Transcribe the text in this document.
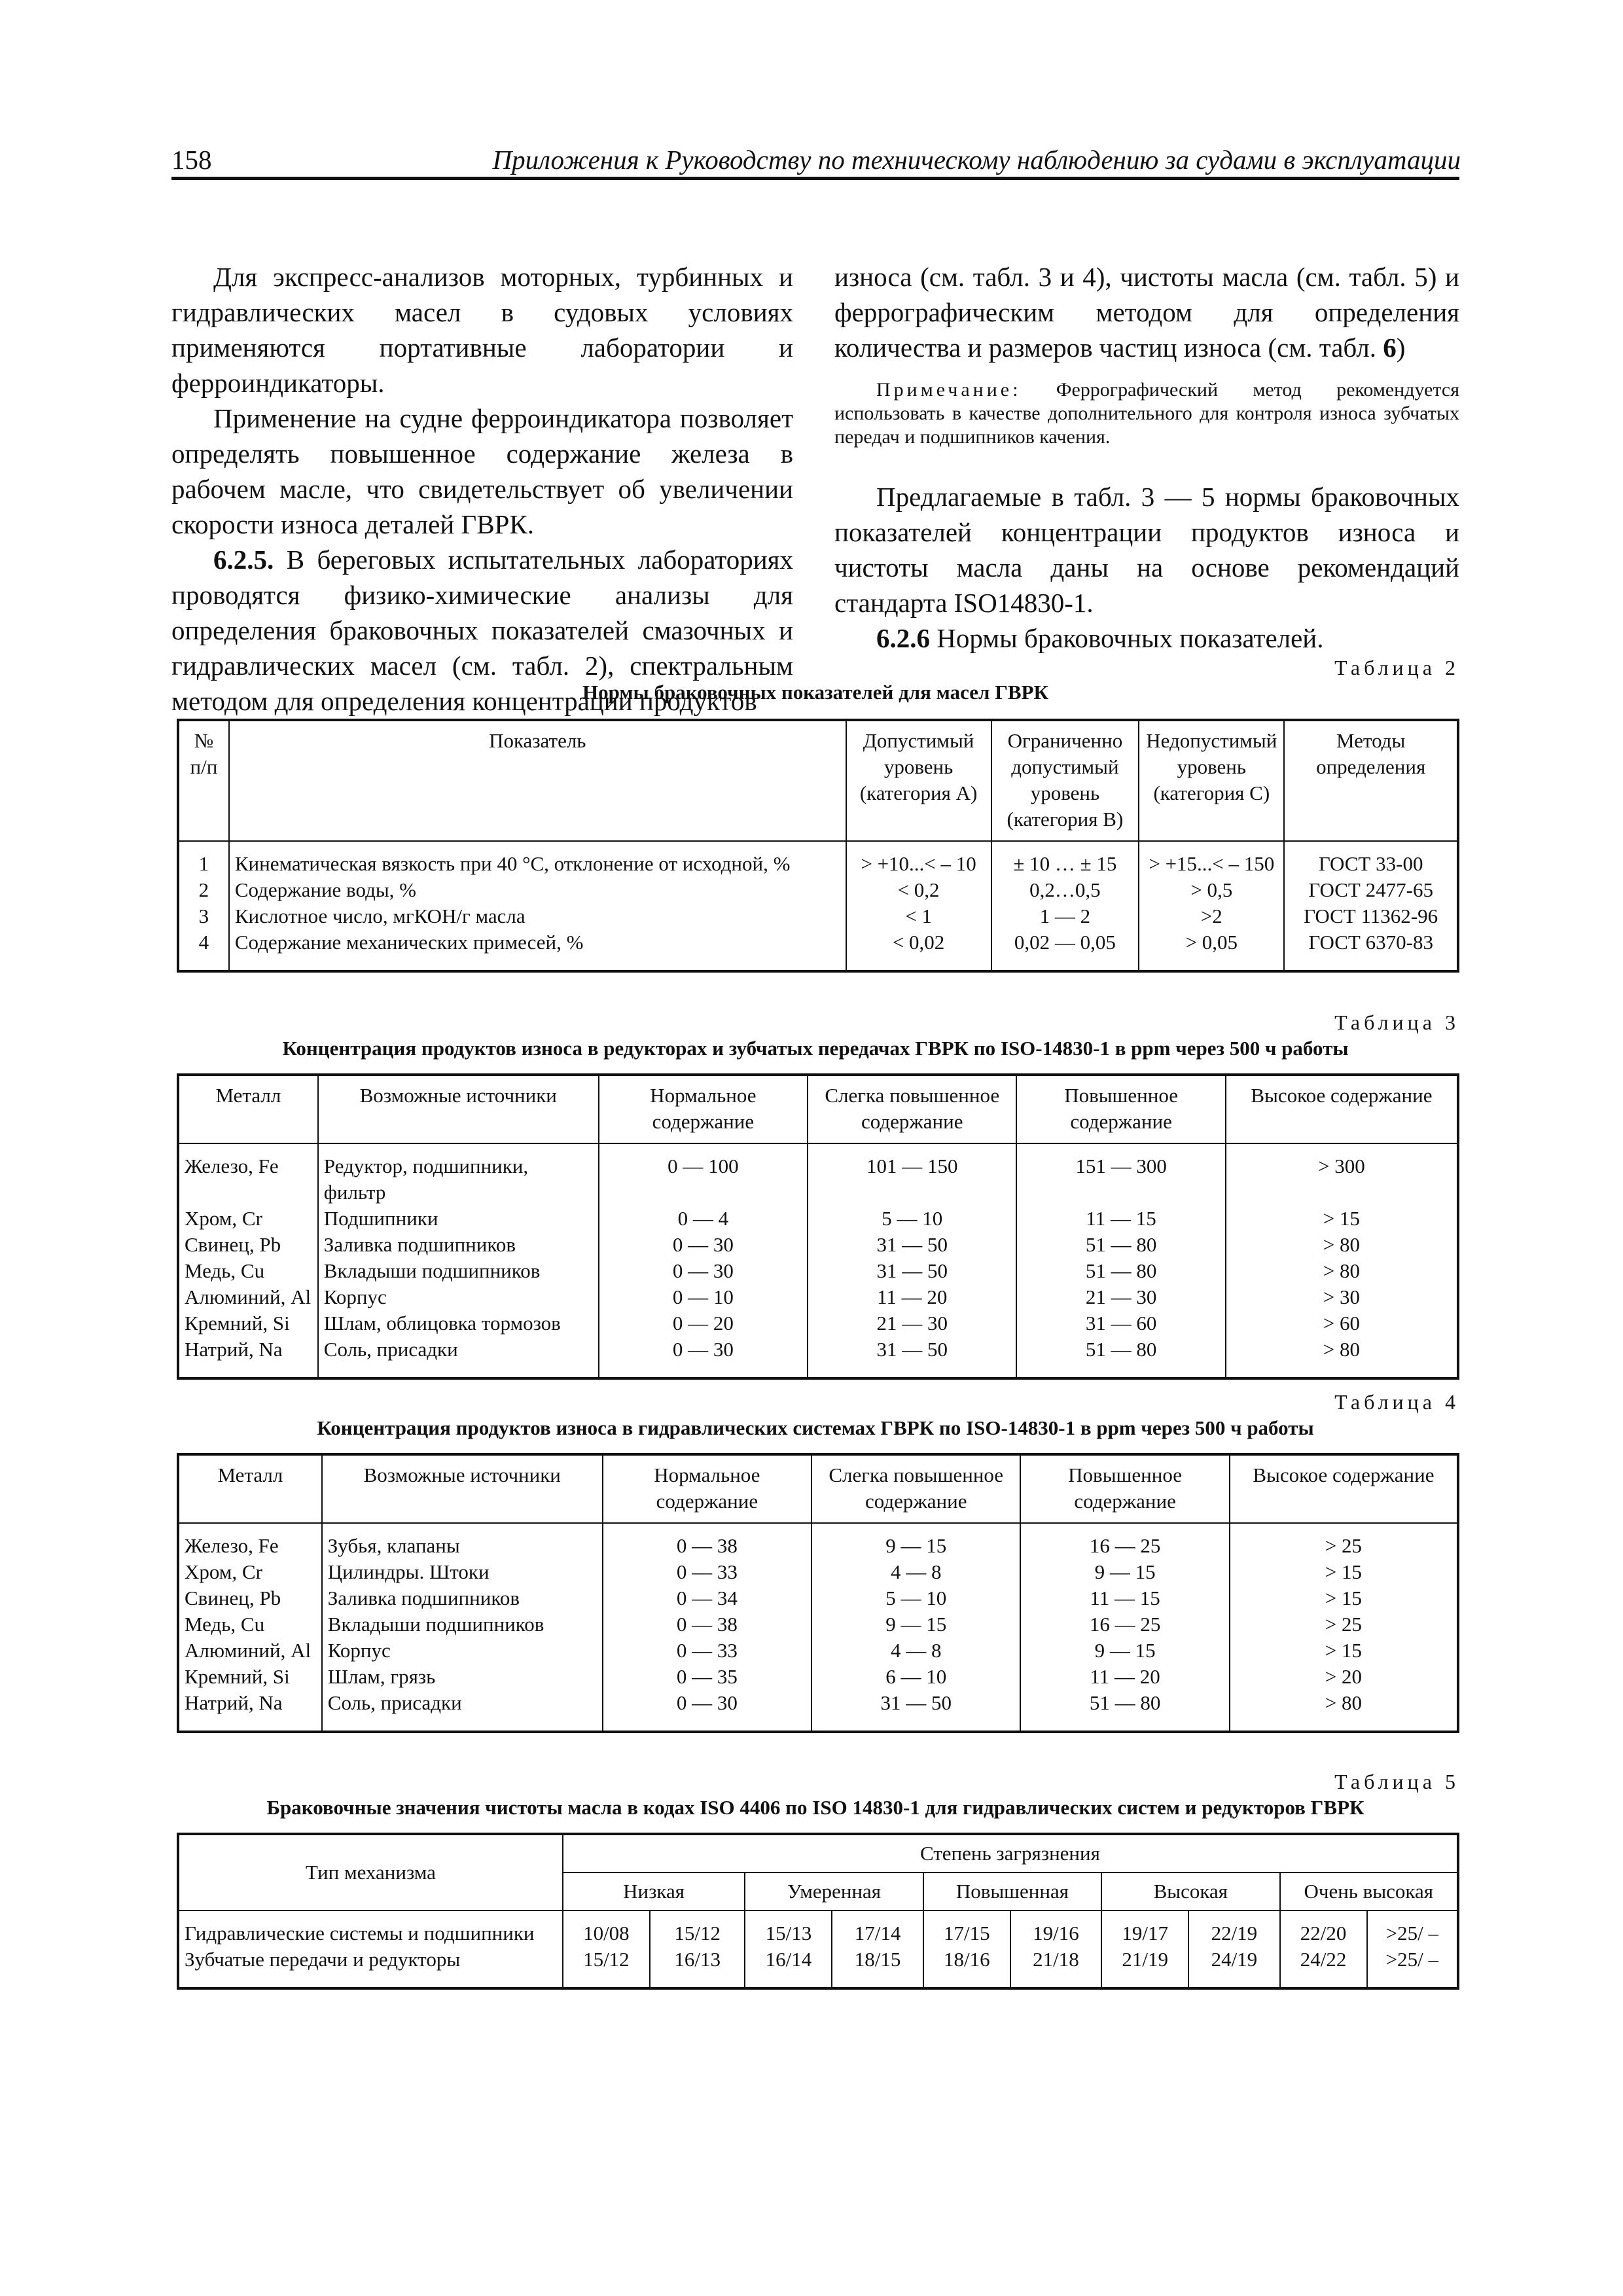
158	Приложения к Руководству по техническому наблюдению за судами в эксплуатации

Для экспресс-анализов моторных, турбинных и гидравлических масел в судовых условиях применяются портативные лаборатории и ферроиндикаторы.

Применение на судне ферроиндикатора позволяет определять повышенное содержание железа в рабочем масле, что свидетельствует об увеличении скорости износа деталей ГВРК.

6.2.5. В береговых испытательных лабораториях проводятся физико-химические анализы для определения браковочных показателей смазочных и гидравлических масел (см. табл. 2), спектральным методом для определения концентрации продуктов

износа (см. табл. 3 и 4), чистоты масла (см. табл. 5) и феррографическим методом для определения количества и размеров частиц износа (см. табл. 6)

Примечание: Феррографический метод рекомендуется использовать в качестве дополнительного для контроля износа зубчатых передач и подшипников качения.

Предлагаемые в табл. 3 — 5 нормы браковочных показателей концентрации продуктов износа и чистоты масла даны на основе рекомендаций стандарта ISO14830-1.

6.2.6 Нормы браковочных показателей.

Таблица 2
Нормы браковочных показателей для масел ГВРК
№ п/п	Показатель	Допустимый уровень (категория А)	Ограниченно допустимый уровень (категория В)	Недопустимый уровень (категория С)	Методы определения
1	Кинематическая вязкость при 40 °С, отклонение от исходной, %	> +10...< – 10	± 10 … ± 15	> +15...< – 150	ГОСТ 33-00
2	Содержание воды, %	< 0,2	0,2…0,5	> 0,5	ГОСТ 2477-65
3	Кислотное число, мгКОН/г масла	< 1	1 — 2	>2	ГОСТ 11362-96
4	Содержание механических примесей, %	< 0,02	0,02 — 0,05	> 0,05	ГОСТ 6370-83
Таблица 3
Концентрация продуктов износа в редукторах и зубчатых передачах ГВРК по ISO-14830-1 в ppm через 500 ч работы
Металл	Возможные источники	Нормальное содержание	Слегка повышенное содержание	Повышенное содержание	Высокое содержание
Железо, Fe	Редуктор, подшипники, фильтр	0 — 100	101 — 150	151 — 300	> 300
Хром, Cr	Подшипники	0 — 4	5 — 10	11 — 15	> 15
Свинец, Pb	Заливка подшипников	0 — 30	31 — 50	51 — 80	> 80
Медь, Cu	Вкладыши подшипников	0 — 30	31 — 50	51 — 80	> 80
Алюминий, Al	Корпус	0 — 10	11 — 20	21 — 30	> 30
Кремний, Si	Шлам, облицовка тормозов	0 — 20	21 — 30	31 — 60	> 60
Натрий, Na	Соль, присадки	0 — 30	31 — 50	51 — 80	> 80
Таблица 4
Концентрация продуктов износа в гидравлических системах ГВРК по ISO-14830-1 в ppm через 500 ч работы
Металл	Возможные источники	Нормальное содержание	Слегка повышенное содержание	Повышенное содержание	Высокое содержание
Железо, Fe	Зубья, клапаны	0 — 38	9 — 15	16 — 25	> 25
Хром, Cr	Цилиндры. Штоки	0 — 33	4 — 8	9 — 15	> 15
Свинец, Pb	Заливка подшипников	0 — 34	5 — 10	11 — 15	> 15
Медь, Cu	Вкладыши подшипников	0 — 38	9 — 15	16 — 25	> 25
Алюминий, Al	Корпус	0 — 33	4 — 8	9 — 15	> 15
Кремний, Si	Шлам, грязь	0 — 35	6 — 10	11 — 20	> 20
Натрий, Na	Соль, присадки	0 — 30	31 — 50	51 — 80	> 80
Таблица 5
Браковочные значения чистоты масла в кодах ISO 4406 по ISO 14830-1 для гидравлических систем и редукторов ГВРК
Тип механизма	Степень загрязнения									
	Низкая		Умеренная		Повышенная		Высокая		Очень высокая	
Гидравлические системы и подшипники	10/08	15/12	15/13	17/14	17/15	19/16	19/17	22/19	22/20	>25/ –
Зубчатые передачи и редукторы	15/12	16/13	16/14	18/15	18/16	21/18	21/19	24/19	24/22	>25/ –
